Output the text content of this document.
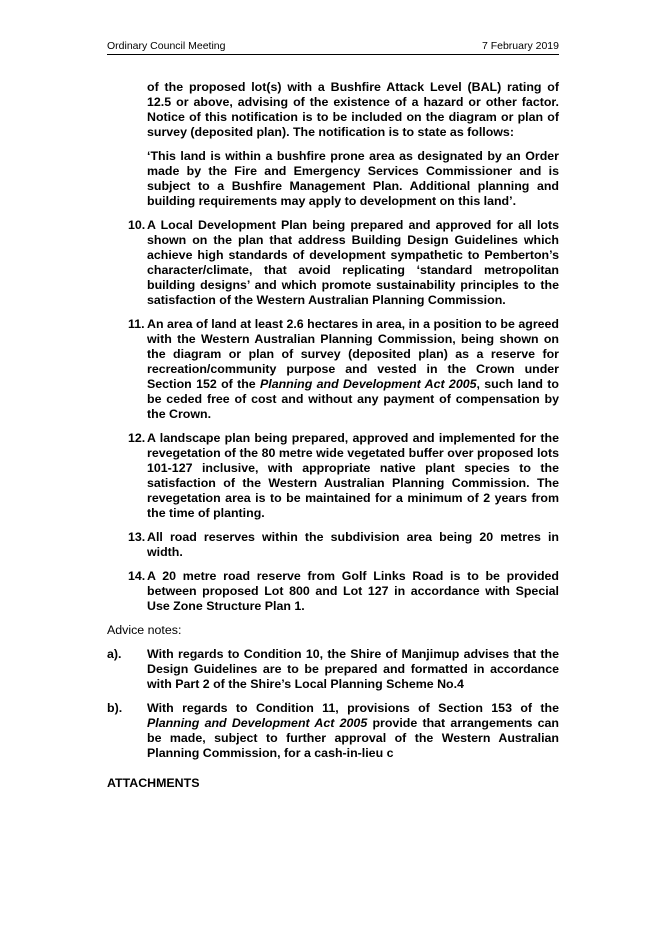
Ordinary Council Meeting	7 February 2019

of the proposed lot(s) with a Bushfire Attack Level (BAL) rating of 12.5 or above, advising of the existence of a hazard or other factor. Notice of this notification is to be included on the diagram or plan of survey (deposited plan). The notification is to state as follows:

‘This land is within a bushfire prone area as designated by an Order made by the Fire and Emergency Services Commissioner and is subject to a Bushfire Management Plan. Additional planning and building requirements may apply to development on this land’.

10. A Local Development Plan being prepared and approved for all lots shown on the plan that address Building Design Guidelines which achieve high standards of development sympathetic to Pemberton’s character/climate, that avoid replicating ‘standard metropolitan building designs’ and which promote sustainability principles to the satisfaction of the Western Australian Planning Commission.
11. An area of land at least 2.6 hectares in area, in a position to be agreed with the Western Australian Planning Commission, being shown on the diagram or plan of survey (deposited plan) as a reserve for recreation/community purpose and vested in the Crown under Section 152 of the Planning and Development Act 2005, such land to be ceded free of cost and without any payment of compensation by the Crown.
12. A landscape plan being prepared, approved and implemented for the revegetation of the 80 metre wide vegetated buffer over proposed lots 101-127 inclusive, with appropriate native plant species to the satisfaction of the Western Australian Planning Commission. The revegetation area is to be maintained for a minimum of 2 years from the time of planting.
13. All road reserves within the subdivision area being 20 metres in width.
14. A 20 metre road reserve from Golf Links Road is to be provided between proposed Lot 800 and Lot 127 in accordance with Special Use Zone Structure Plan 1.

Advice notes:

a). With regards to Condition 10, the Shire of Manjimup advises that the Design Guidelines are to be prepared and formatted in accordance with Part 2 of the Shire’s Local Planning Scheme No.4
b). With regards to Condition 11, provisions of Section 153 of the Planning and Development Act 2005 provide that arrangements can be made, subject to further approval of the Western Australian Planning Commission, for a cash-in-lieu c

ATTACHMENTS
